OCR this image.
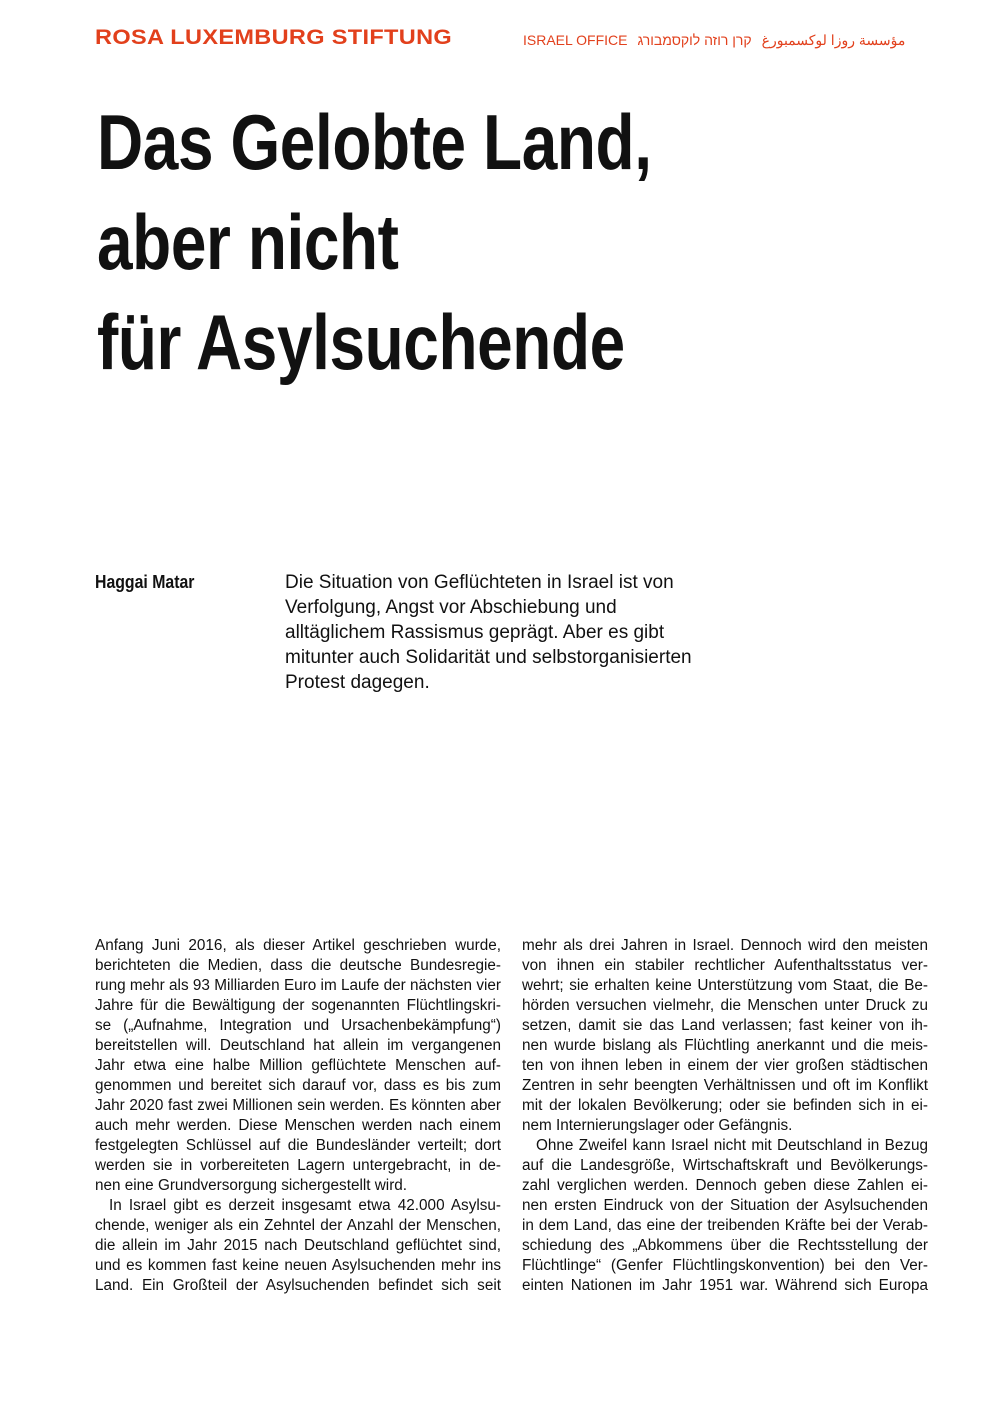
ROSA LUXEMBURG STIFTUNG	ISRAEL OFFICE קרן רוזה לוקסמבורג مؤسسة روزا لوكسمبورغ
Das Gelobte Land,
aber nicht
für Asylsuchende
Haggai Matar	Die Situation von Geflüchteten in Israel ist von
Verfolgung, Angst vor Abschiebung und
alltäglichem Rassismus geprägt. Aber es gibt
mitunter auch Solidarität und selbstorganisierten
Protest dagegen.
Anfang Juni 2016, als dieser Artikel geschrieben wurde,
berichteten die Medien, dass die deutsche Bundesregie-
rung mehr als 93 Milliarden Euro im Laufe der nächsten vier
Jahre für die Bewältigung der sogenannten Flüchtlingskri-
se („Aufnahme, Integration und Ursachenbekämpfung“)
bereitstellen will. Deutschland hat allein im vergangenen
Jahr etwa eine halbe Million geflüchtete Menschen auf-
genommen und bereitet sich darauf vor, dass es bis zum
Jahr 2020 fast zwei Millionen sein werden. Es könnten aber
auch mehr werden. Diese Menschen werden nach einem
festgelegten Schlüssel auf die Bundesländer verteilt; dort
werden sie in vorbereiteten Lagern untergebracht, in de-
nen eine Grundversorgung sichergestellt wird.
In Israel gibt es derzeit insgesamt etwa 42.000 Asylsu-
chende, weniger als ein Zehntel der Anzahl der Menschen,
die allein im Jahr 2015 nach Deutschland geflüchtet sind,
und es kommen fast keine neuen Asylsuchenden mehr ins
Land. Ein Großteil der Asylsuchenden befindet sich seit
mehr als drei Jahren in Israel. Dennoch wird den meisten
von ihnen ein stabiler rechtlicher Aufenthaltsstatus ver-
wehrt; sie erhalten keine Unterstützung vom Staat, die Be-
hörden versuchen vielmehr, die Menschen unter Druck zu
setzen, damit sie das Land verlassen; fast keiner von ih-
nen wurde bislang als Flüchtling anerkannt und die meis-
ten von ihnen leben in einem der vier großen städtischen
Zentren in sehr beengten Verhältnissen und oft im Konflikt
mit der lokalen Bevölkerung; oder sie befinden sich in ei-
nem Internierungslager oder Gefängnis.
Ohne Zweifel kann Israel nicht mit Deutschland in Bezug
auf die Landesgröße, Wirtschaftskraft und Bevölkerungs-
zahl verglichen werden. Dennoch geben diese Zahlen ei-
nen ersten Eindruck von der Situation der Asylsuchenden
in dem Land, das eine der treibenden Kräfte bei der Verab-
schiedung des „Abkommens über die Rechtsstellung der
Flüchtlinge“ (Genfer Flüchtlingskonvention) bei den Ver-
einten Nationen im Jahr 1951 war. Während sich Europa
